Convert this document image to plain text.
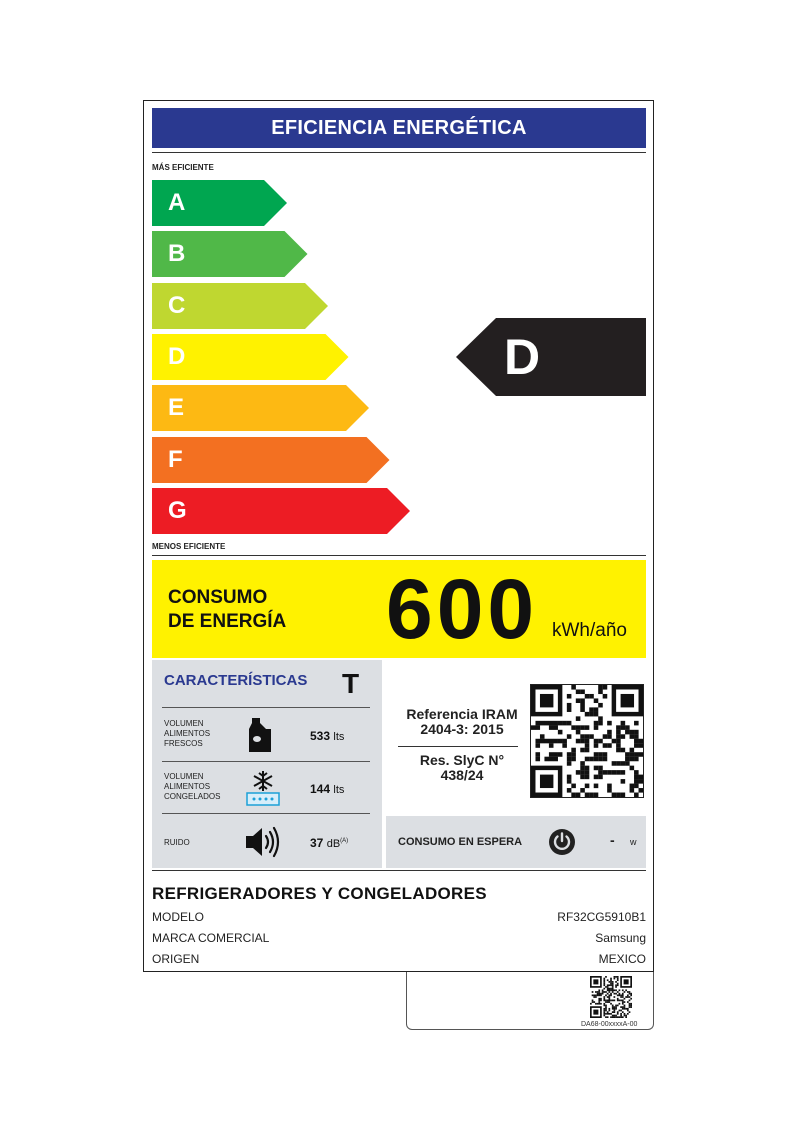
EFICIENCIA ENERGÉTICA
MÁS EFICIENTE
A
B
C
D
E
F
G
MENOS EFICIENTE
D
CONSUMO
DE ENERGÍA 600 kWh/año
CARACTERÍSTICAS T
VOLUMEN
ALIMENTOS
FRESCOS
533 lts
VOLUMEN
ALIMENTOS
CONGELADOS
144 lts
RUIDO	37 $dB^{(A)}$
Referencia IRAM
2404-3: 2015
Res. SlyC N°
438/24
CONSUMO EN ESPERA	- w
REFRIGERADORES Y CONGELADORES
MODELO	RF32CG5910B1
MARCA COMERCIAL	Samsung
ORIGEN	MEXICO
DA68-00xxxxA-00
